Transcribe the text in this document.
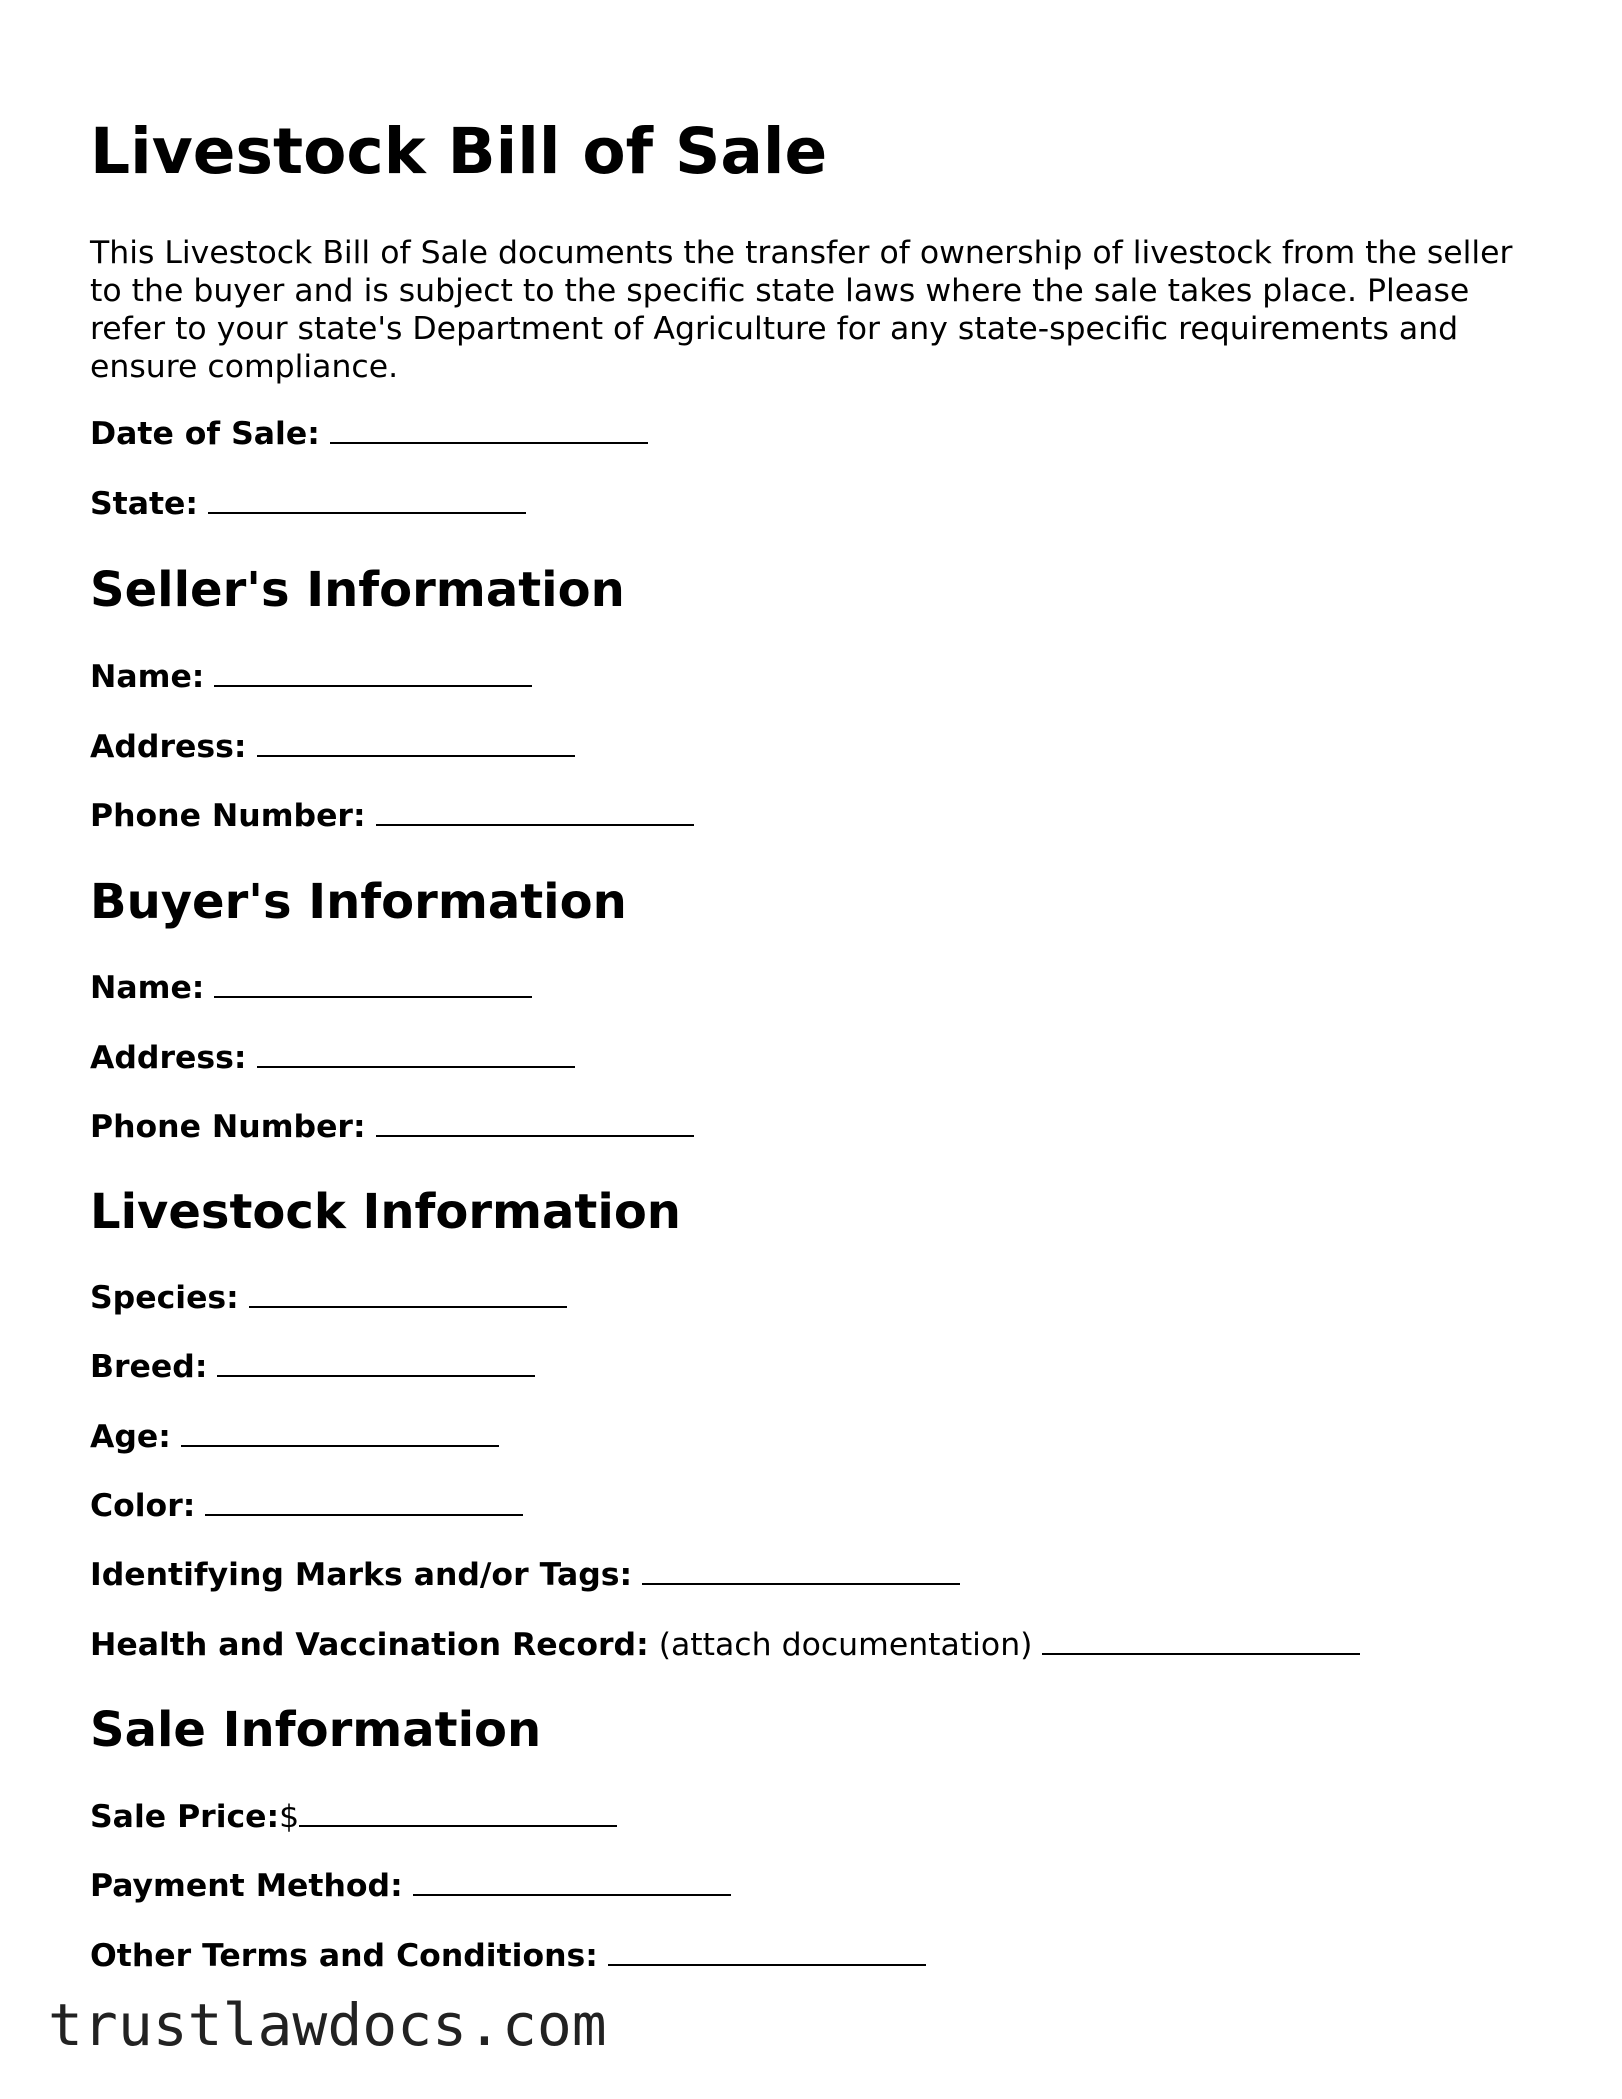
Livestock Bill of Sale

This Livestock Bill of Sale documents the transfer of ownership of livestock from the seller
to the buyer and is subject to the specific state laws where the sale takes place. Please
refer to your state's Department of Agriculture for any state-specific requirements and
ensure compliance.

Date of Sale:

State:

Seller's Information

Name:

Address:

Phone Number:

Buyer's Information

Name:

Address:

Phone Number:

Livestock Information

Species:

Breed:

Age:

Color:

Identifying Marks and/or Tags:

Health and Vaccination Record: (attach documentation)

Sale Information

Sale Price:$

Payment Method:

Other Terms and Conditions:

trustlawdocs.com
